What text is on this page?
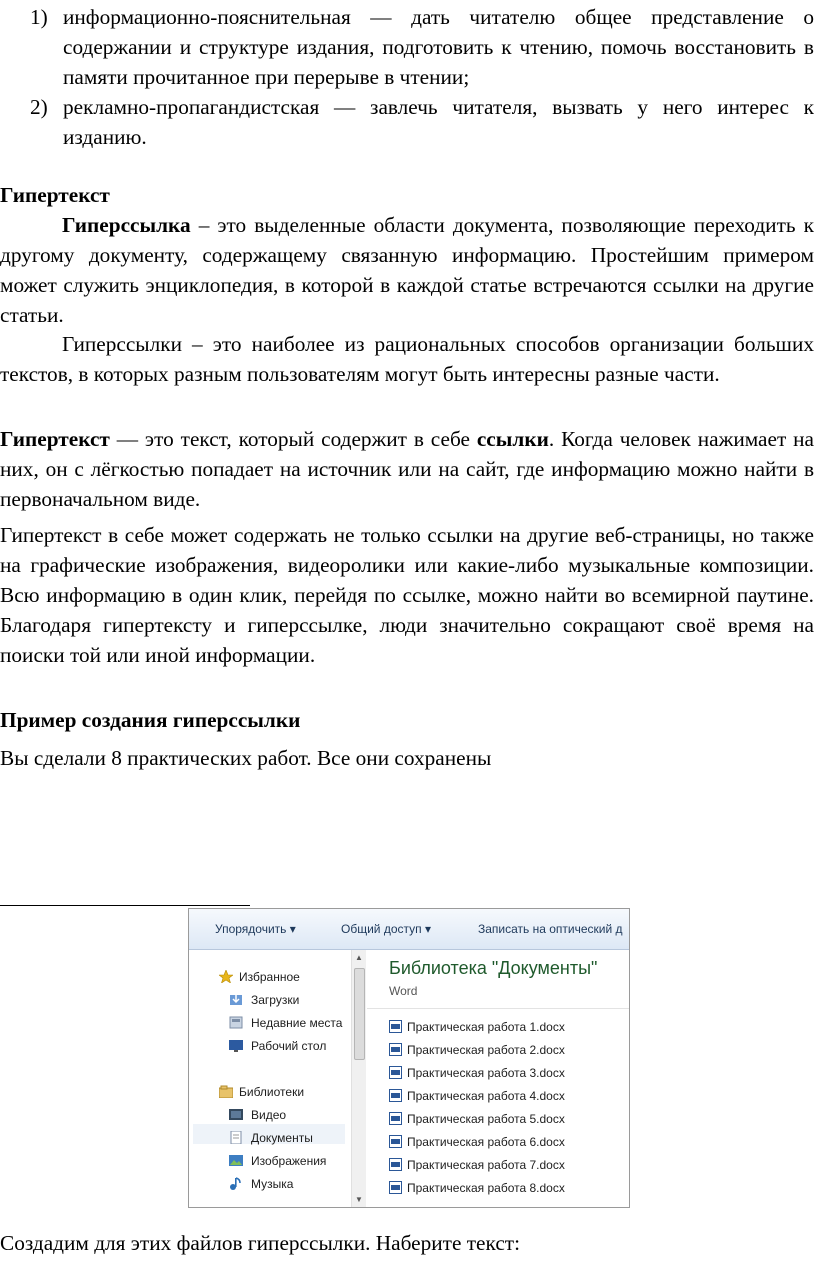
1) информационно-пояснительная — дать читателю общее представление о содержании и структуре издания, подготовить к чтению, помочь восстановить в памяти прочитанное при перерыве в чтении;
2) рекламно-пропагандистская — завлечь читателя, вызвать у него интерес к изданию.
Гипертекст
Гиперссылка – это выделенные области документа, позволяющие переходить к другому документу, содержащему связанную информацию. Простейшим примером может служить энциклопедия, в которой в каждой статье встречаются ссылки на другие статьи.
Гиперссылки – это наиболее из рациональных способов организации больших текстов, в которых разным пользователям могут быть интересны разные части.
Гипертекст — это текст, который содержит в себе ссылки. Когда человек нажимает на них, он с лёгкостью попадает на источник или на сайт, где информацию можно найти в первоначальном виде.
Гипертекст в себе может содержать не только ссылки на другие веб-страницы, но также на графические изображения, видеоролики или какие-либо музыкальные композиции. Всю информацию в один клик, перейдя по ссылке, можно найти во всемирной паутине. Благодаря гипертексту и гиперссылке, люди значительно сокращают своё время на поиски той или иной информации.
Пример создания гиперссылки
Вы сделали 8 практических работ. Все они сохранены
Упорядочить ▾	Общий доступ ▾	Записать на оптический д
Избранное
Загрузки
Недавние места
Рабочий стол
Библиотеки
Видео
Документы
Изображения
Музыка
▲
▼
Библиотека "Документы"
Word
Практическая работа 1.docx
Практическая работа 2.docx
Практическая работа 3.docx
Практическая работа 4.docx
Практическая работа 5.docx
Практическая работа 6.docx
Практическая работа 7.docx
Практическая работа 8.docx
Создадим для этих файлов гиперссылки. Наберите текст:
